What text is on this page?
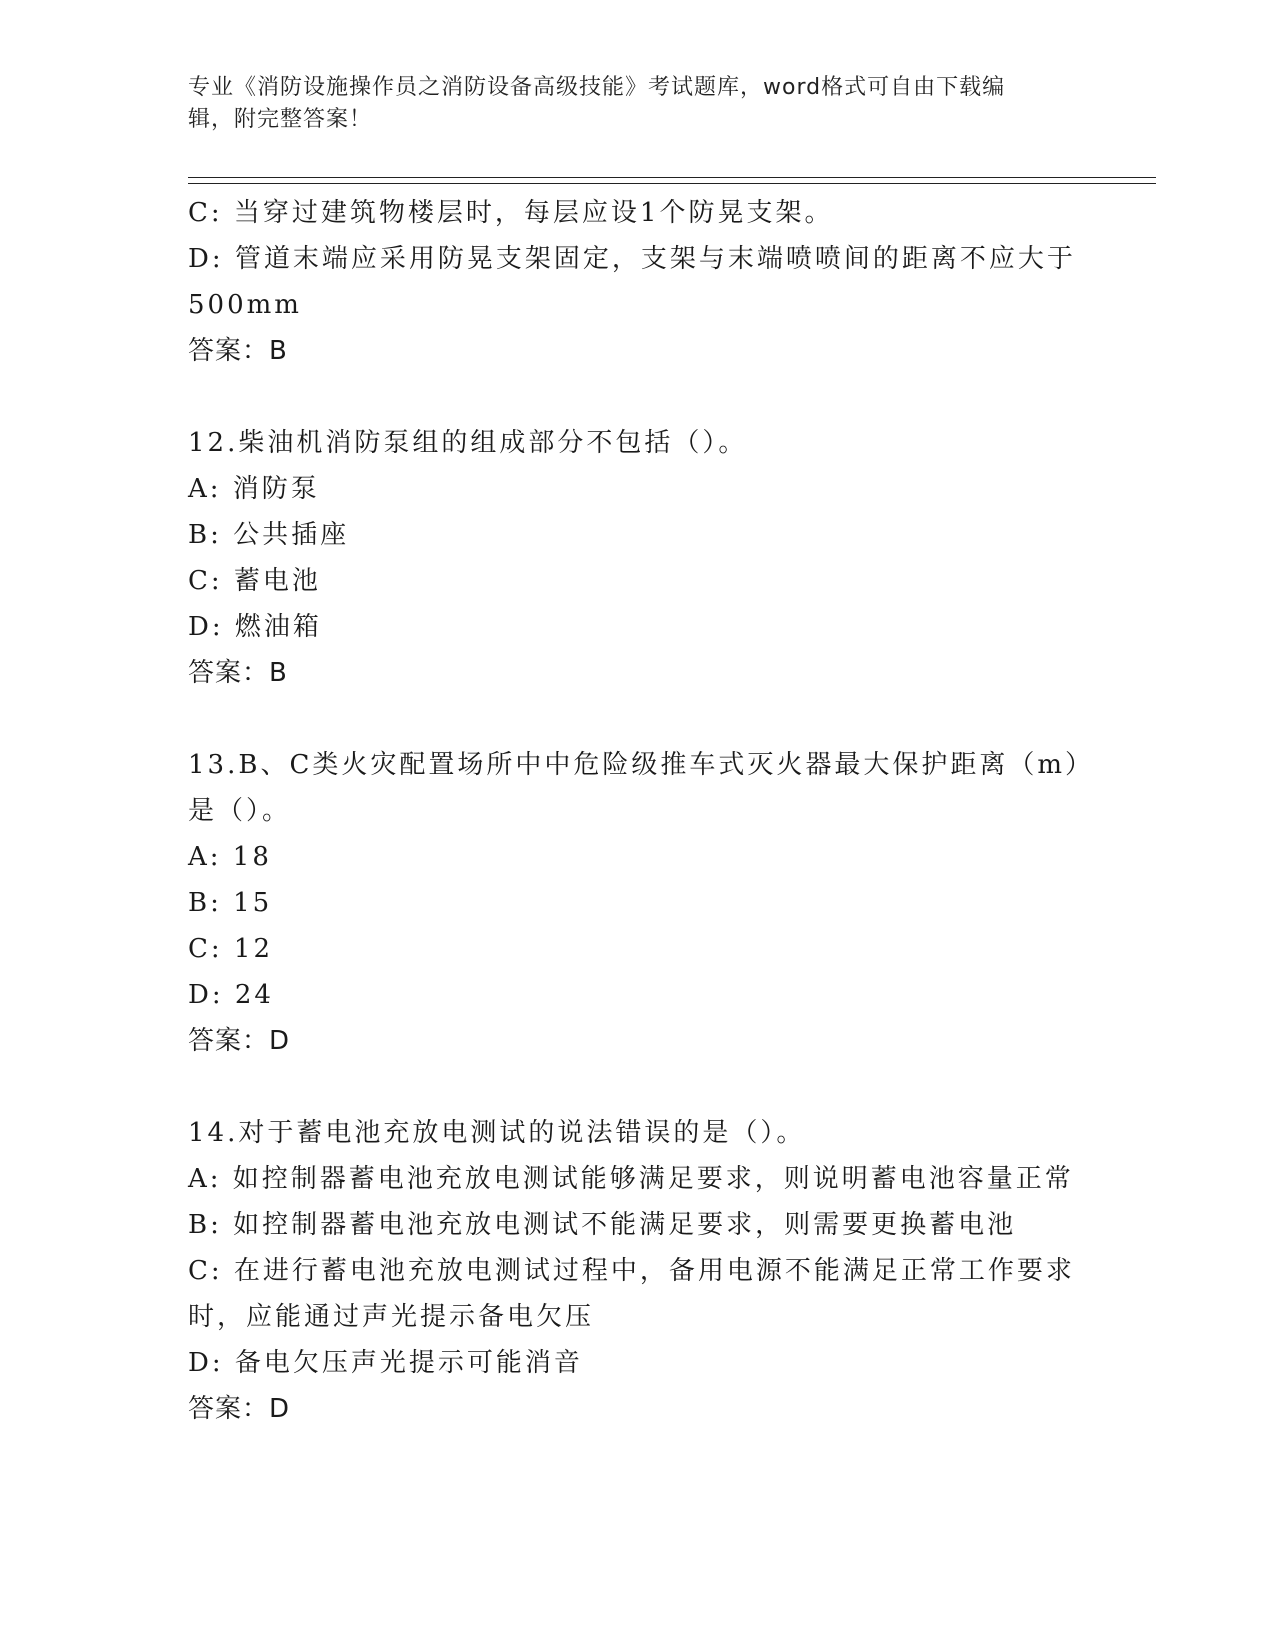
专业《消防设施操作员之消防设备高级技能》考试题库，word格式可自由下载编
辑，附完整答案！
C: 当穿过建筑物楼层时，每层应设1个防晃支架。
D: 管道末端应采用防晃支架固定，支架与末端喷喷间的距离不应大于
500mm
答案：B
12.柴油机消防泵组的组成部分不包括（）。
A: 消防泵
B: 公共插座
C: 蓄电池
D: 燃油箱
答案：B
13.B、C类火灾配置场所中中危险级推车式灭火器最大保护距离（m）
是（）。
A: 18
B: 15
C: 12
D: 24
答案：D
14.对于蓄电池充放电测试的说法错误的是（）。
A: 如控制器蓄电池充放电测试能够满足要求，则说明蓄电池容量正常
B: 如控制器蓄电池充放电测试不能满足要求，则需要更换蓄电池
C: 在进行蓄电池充放电测试过程中，备用电源不能满足正常工作要求
时，应能通过声光提示备电欠压
D: 备电欠压声光提示可能消音
答案：D
